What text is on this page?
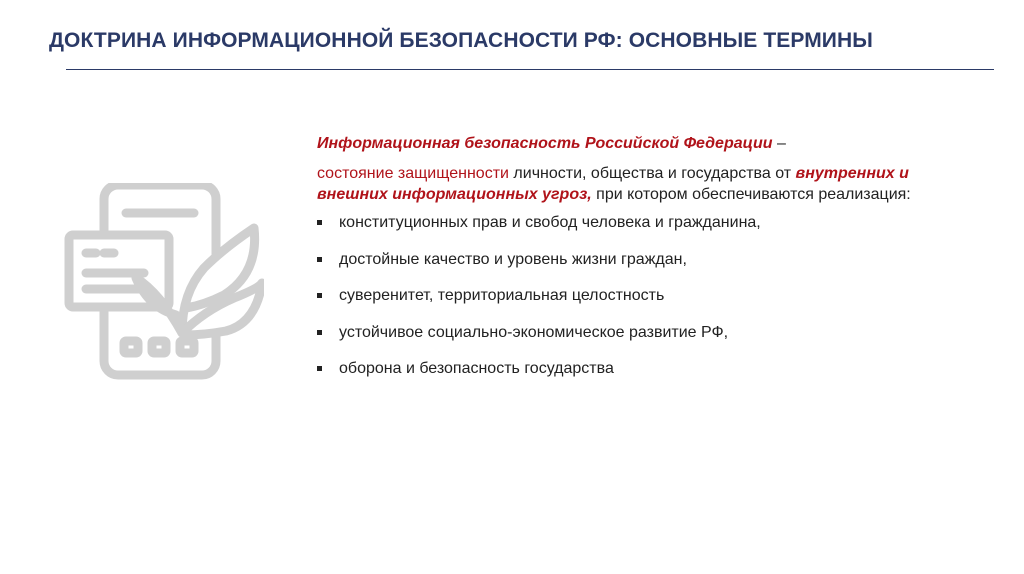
ДОКТРИНА ИНФОРМАЦИОННОЙ БЕЗОПАСНОСТИ РФ: ОСНОВНЫЕ ТЕРМИНЫ

Информационная безопасность Российской Федерации –

состояние защищенности личности, общества и государства от внутренних и внешних информационных угроз, при котором обеспечиваются реализация:

конституционных прав и свобод человека и гражданина,
достойные качество и уровень жизни граждан,
суверенитет, территориальная целостность
устойчивое социально-экономическое развитие РФ,
оборона и безопасность государства
